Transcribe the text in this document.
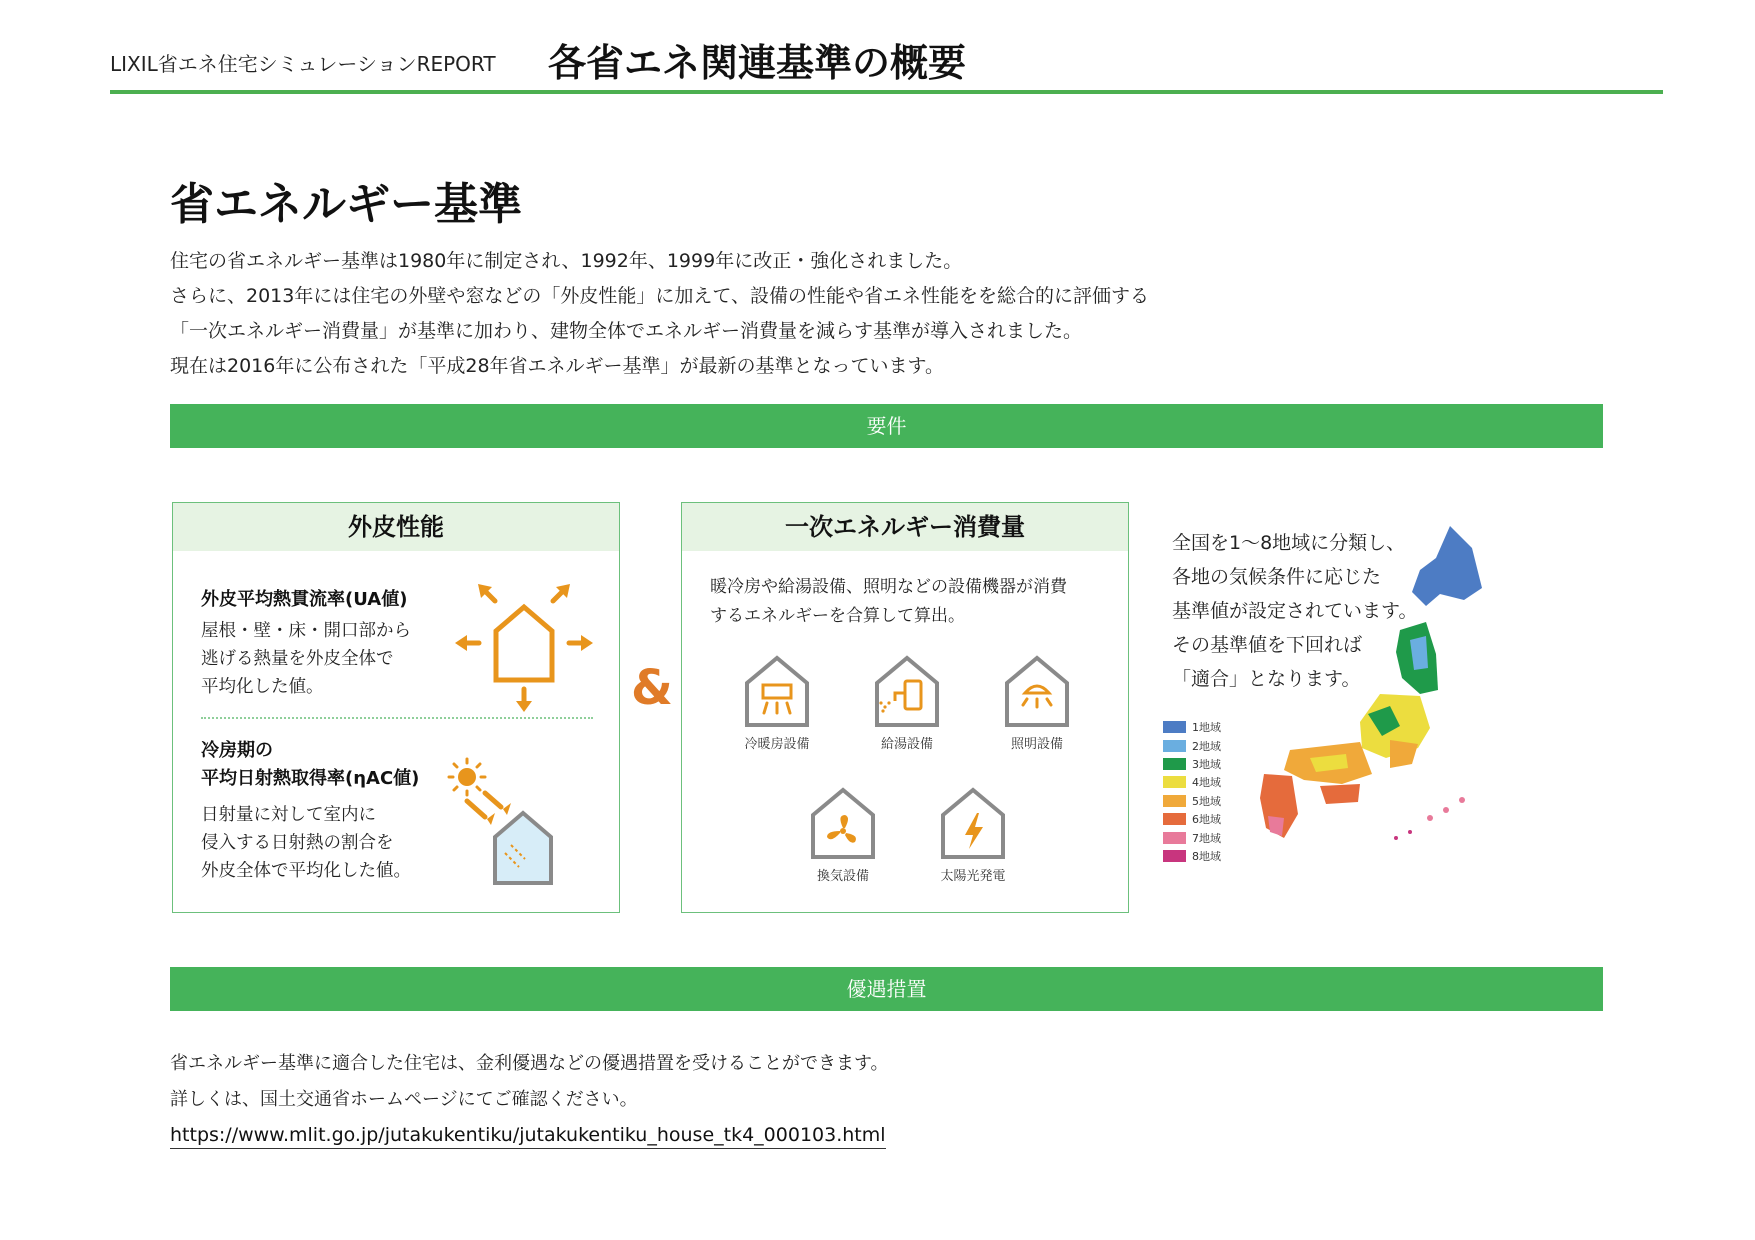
LIXIL省エネ住宅シミュレーションREPORT 各省エネ関連基準の概要
省エネルギー基準

住宅の省エネルギー基準は1980年に制定され、1992年、1999年に改正・強化されました。

さらに、2013年には住宅の外壁や窓などの「外皮性能」に加えて、設備の性能や省エネ性能をを総合的に評価する

「一次エネルギー消費量」が基準に加わり、建物全体でエネルギー消費量を減らす基準が導入されました。

現在は2016年に公布された「平成28年省エネルギー基準」が最新の基準となっています。

要件
外皮性能
外皮平均熱貫流率(UA値)

屋根・壁・床・開口部から

逃げる熱量を外皮全体で

平均化した値。

冷房期の

平均日射熱取得率(ηAC値)

日射量に対して室内に

侵入する日射熱の割合を

外皮全体で平均化した値。

&
一次エネルギー消費量

暖冷房や給湯設備、照明などの設備機器が消費

するエネルギーを合算して算出。

冷暖房設備	給湯設備	照明設備
換気設備	太陽光発電

全国を1〜8地域に分類し、

各地の気候条件に応じた

基準値が設定されています。

その基準値を下回れば

「適合」となります。

1地域
2地域
3地域
4地域
5地域
6地域
7地域
8地域
優遇措置

省エネルギー基準に適合した住宅は、金利優遇などの優遇措置を受けることができます。

詳しくは、国土交通省ホームページにてご確認ください。

https://www.mlit.go.jp/jutakukentiku/jutakukentiku_house_tk4_000103.html
